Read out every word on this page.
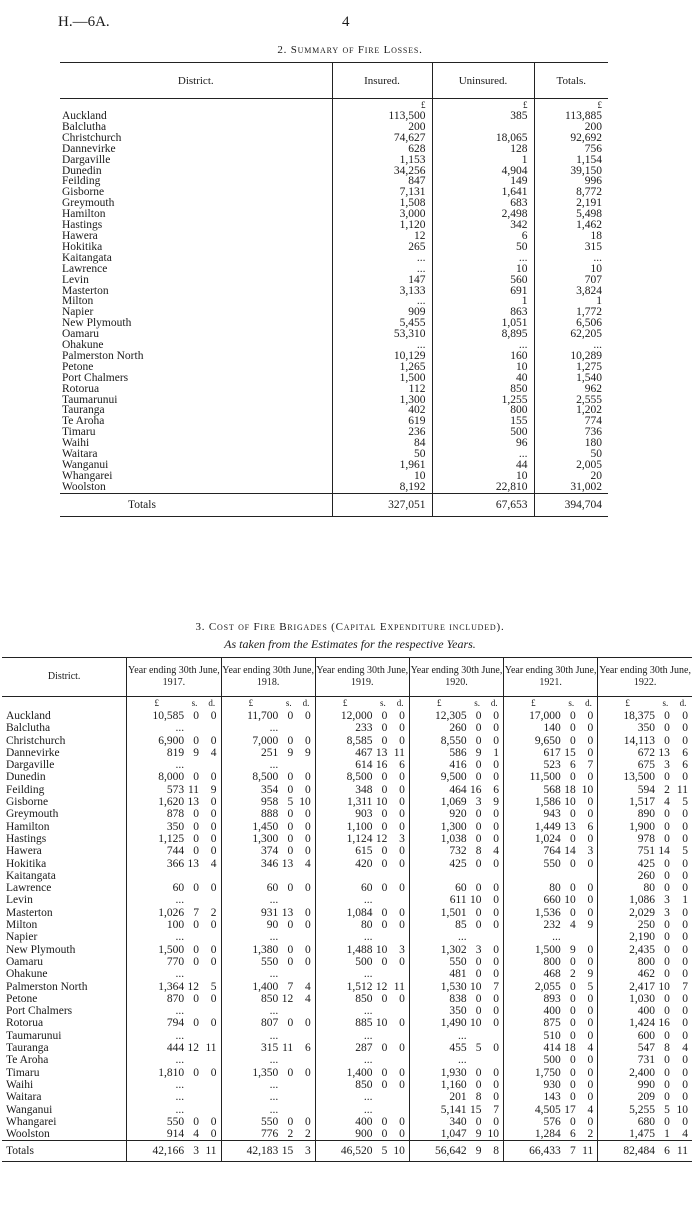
H.—6A.	4
2. Summary of Fire Losses.
District.	Insured.	Uninsured.	Totals.
	£	£	£
Auckland	113,500	385	113,885
Balclutha	200		200
Christchurch	74,627	18,065	92,692
Dannevirke	628	128	756
Dargaville	1,153	1	1,154
Dunedin	34,256	4,904	39,150
Feilding	847	149	996
Gisborne	7,131	1,641	8,772
Greymouth	1,508	683	2,191
Hamilton	3,000	2,498	5,498
Hastings	1,120	342	1,462
Hawera	12	6	18
Hokitika	265	50	315
Kaitangata	...	...	...
Lawrence	...	10	10
Levin	147	560	707
Masterton	3,133	691	3,824
Milton	...	1	1
Napier	909	863	1,772
New Plymouth	5,455	1,051	6,506
Oamaru	53,310	8,895	62,205
Ohakune	...	...	...
Palmerston North	10,129	160	10,289
Petone	1,265	10	1,275
Port Chalmers	1,500	40	1,540
Rotorua	112	850	962
Taumarunui	1,300	1,255	2,555
Tauranga	402	800	1,202
Te Aroha	619	155	774
Timaru	236	500	736
Waihi	84	96	180
Waitara	50	...	50
Wanganui	1,961	44	2,005
Whangarei	10	10	20
Woolston	8,192	22,810	31,002
Totals	327,051	67,653	394,704
3. Cost of Fire Brigades (Capital Expenditure included).
As taken from the Estimates for the respective Years.
District.	Year ending 30th June, 1917.			Year ending 30th June, 1918.			Year ending 30th June, 1919.			Year ending 30th June, 1920.			Year ending 30th June, 1921.			Year ending 30th June, 1922.		
	£	s.	d.	£	s.	d.	£	s.	d.	£	s.	d.	£	s.	d.	£	s.	d.
Auckland	10,585	0	0	11,700	0	0	12,000	0	0	12,305	0	0	17,000	0	0	18,375	0	0
Balclutha	...			...			233	0	0	260	0	0	140	0	0	350	0	0
Christchurch	6,900	0	0	7,000	0	0	8,585	0	0	8,550	0	0	9,650	0	0	14,113	0	0
Dannevirke	819	9	4	251	9	9	467	13	11	586	9	1	617	15	0	672	13	6
Dargaville	...			...			614	16	6	416	0	0	523	6	7	675	3	6
Dunedin	8,000	0	0	8,500	0	0	8,500	0	0	9,500	0	0	11,500	0	0	13,500	0	0
Feilding	573	11	9	354	0	0	348	0	0	464	16	6	568	18	10	594	2	11
Gisborne	1,620	13	0	958	5	10	1,311	10	0	1,069	3	9	1,586	10	0	1,517	4	5
Greymouth	878	0	0	888	0	0	903	0	0	920	0	0	943	0	0	890	0	0
Hamilton	350	0	0	1,450	0	0	1,100	0	0	1,300	0	0	1,449	13	6	1,900	0	0
Hastings	1,125	0	0	1,300	0	0	1,124	12	3	1,038	0	0	1,024	0	0	978	0	0
Hawera	744	0	0	374	0	0	615	0	0	732	8	4	764	14	3	751	14	5
Hokitika	366	13	4	346	13	4	420	0	0	425	0	0	550	0	0	425	0	0
Kaitangata																260	0	0
Lawrence	60	0	0	60	0	0	60	0	0	60	0	0	80	0	0	80	0	0
Levin	...			...			...			611	10	0	660	10	0	1,086	3	1
Masterton	1,026	7	2	931	13	0	1,084	0	0	1,501	0	0	1,536	0	0	2,029	3	0
Milton	100	0	0	90	0	0	80	0	0	85	0	0	232	4	9	250	0	0
Napier	...			...			...			...			...			2,190	0	0
New Plymouth	1,500	0	0	1,380	0	0	1,488	10	3	1,302	3	0	1,500	9	0	2,435	0	0
Oamaru	770	0	0	550	0	0	500	0	0	550	0	0	800	0	0	800	0	0
Ohakune	...			...			...			481	0	0	468	2	9	462	0	0
Palmerston North	1,364	12	5	1,400	7	4	1,512	12	11	1,530	10	7	2,055	0	5	2,417	10	7
Petone	870	0	0	850	12	4	850	0	0	838	0	0	893	0	0	1,030	0	0
Port Chalmers	...			...			...			350	0	0	400	0	0	400	0	0
Rotorua	794	0	0	807	0	0	885	10	0	1,490	10	0	875	0	0	1,424	16	0
Taumarunui	...			...			...			...			510	0	0	600	0	0
Tauranga	444	12	11	315	11	6	287	0	0	455	5	0	414	18	4	547	8	4
Te Aroha	...			...			...			...			500	0	0	731	0	0
Timaru	1,810	0	0	1,350	0	0	1,400	0	0	1,930	0	0	1,750	0	0	2,400	0	0
Waihi	...			...			850	0	0	1,160	0	0	930	0	0	990	0	0
Waitara	...			...			...			201	8	0	143	0	0	209	0	0
Wanganui	...			...			...			5,141	15	7	4,505	17	4	5,255	5	10
Whangarei	550	0	0	550	0	0	400	0	0	340	0	0	576	0	0	680	0	0
Woolston	914	4	0	776	2	2	900	0	0	1,047	9	10	1,284	6	2	1,475	1	4
Totals	42,166	3	11	42,183	15	3	46,520	5	10	56,642	9	8	66,433	7	11	82,484	6	11
